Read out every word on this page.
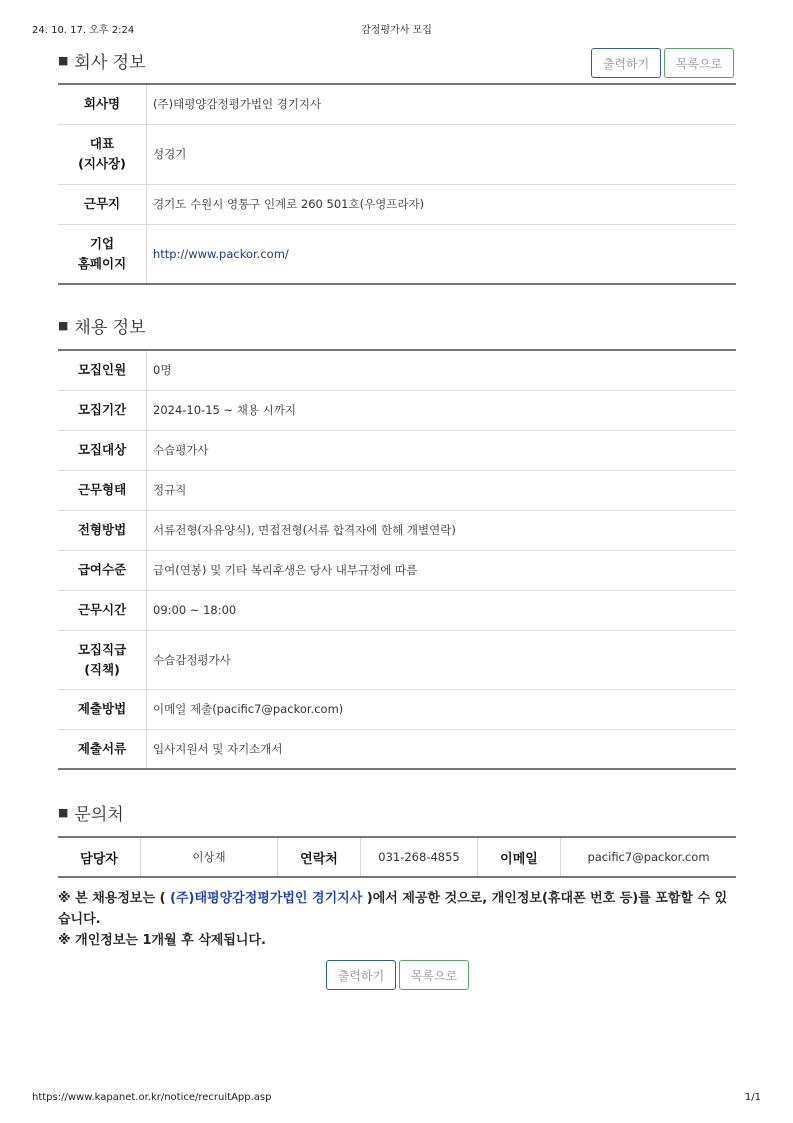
24. 10. 17. 오후 2:24	감정평가사 모집
■ 회사 정보	출력하기	목록으로
회사명	(주)태평양감정평가법인 경기지사

대표
(지사장)	성경기

근무지	경기도 수원시 영통구 인계로 260 501호(우영프라자)

기업
홈페이지	http://www.packor.com/
■ 채용 정보
모집인원	0명

모집기간	2024-10-15 ~ 채용 시까지

모집대상	수습평가사

근무형태	정규직

전형방법	서류전형(자유양식), 면접전형(서류 합격자에 한해 개별연락)

급여수준	급여(연봉) 및 기타 복리후생은 당사 내부규정에 따름

근무시간	09:00 ~ 18:00

모집직급
(직책)	수습감정평가사

제출방법	이메일 제출(pacific7@packor.com)

제출서류	입사지원서 및 자기소개서
■ 문의처
담당자	이상재	연락처	031-268-4855	이메일	pacific7@packor.com
※ 본 채용정보는 ( (주)태평양감정평가법인 경기지사 )에서 제공한 것으로, 개인정보(휴대폰 번호 등)를 포함할 수 있습니다.
※ 개인정보는 1개월 후 삭제됩니다.
출력하기	목록으로
https://www.kapanet.or.kr/notice/recruitApp.asp	1/1
